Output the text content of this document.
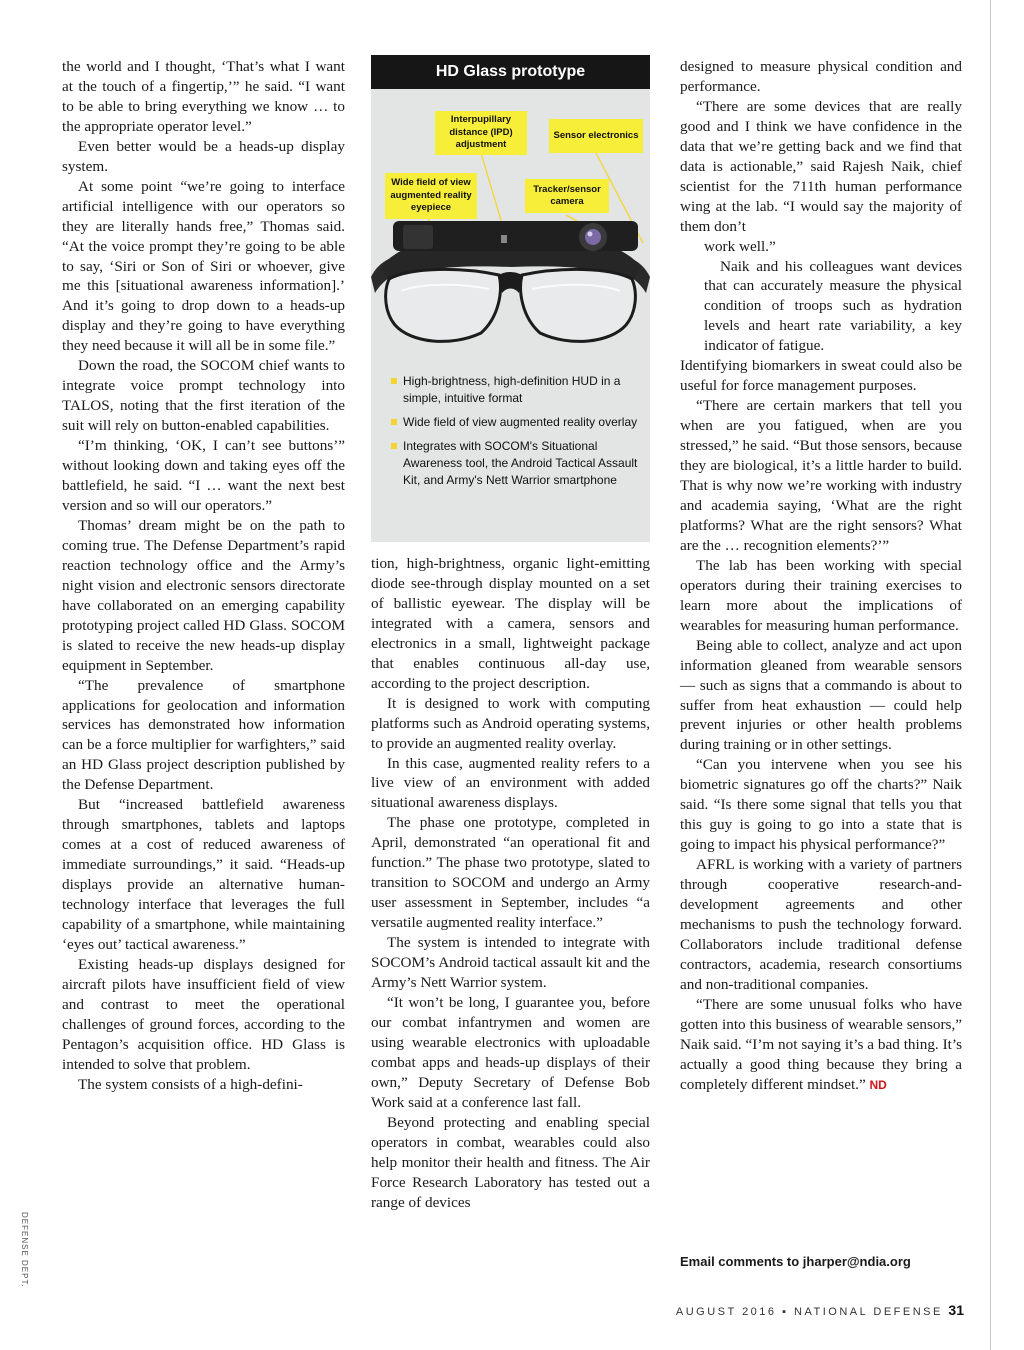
the world and I thought, ‘That’s what I want at the touch of a fingertip,’” he said. “I want to be able to bring everything we know … to the appropriate operator level.”

Even better would be a heads-up display system.

At some point “we’re going to interface artificial intelligence with our operators so they are literally hands free,” Thomas said. “At the voice prompt they’re going to be able to say, ‘Siri or Son of Siri or whoever, give me this [situational awareness information].’ And it’s going to drop down to a heads-up display and they’re going to have everything they need because it will all be in some file.”

Down the road, the SOCOM chief wants to integrate voice prompt technology into TALOS, noting that the first iteration of the suit will rely on button-enabled capabilities.

“I’m thinking, ‘OK, I can’t see buttons’” without looking down and taking eyes off the battlefield, he said. “I … want the next best version and so will our operators.”

Thomas’ dream might be on the path to coming true. The Defense Department’s rapid reaction technology office and the Army’s night vision and electronic sensors directorate have collaborated on an emerging capability prototyping project called HD Glass. SOCOM is slated to receive the new heads-up display equipment in September.

“The prevalence of smartphone applications for geolocation and information services has demonstrated how information can be a force multiplier for warfighters,” said an HD Glass project description published by the Defense Department.

But “increased battlefield awareness through smartphones, tablets and laptops comes at a cost of reduced awareness of immediate surroundings,” it said. “Heads-up displays provide an alternative human-technology interface that leverages the full capability of a smartphone, while maintaining ‘eyes out’ tactical awareness.”

Existing heads-up displays designed for aircraft pilots have insufficient field of view and contrast to meet the operational challenges of ground forces, according to the Pentagon’s acquisition office. HD Glass is intended to solve that problem.

The system consists of a high-defini-

HD Glass prototype
Interpupillary distance (IPD) adjustment
Sensor electronics
Wide field of view augmented reality eyepiece
Tracker/sensor camera
High-brightness, high-definition HUD in a simple, intuitive format
Wide field of view augmented reality overlay
Integrates with SOCOM's Situational Awareness tool, the Android Tactical Assault Kit, and Army's Nett Warrior smartphone

tion, high-brightness, organic light-emitting diode see-through display mounted on a set of ballistic eyewear. The display will be integrated with a camera, sensors and electronics in a small, lightweight package that enables continuous all-day use, according to the project description.

It is designed to work with computing platforms such as Android operating systems, to provide an augmented reality overlay.

In this case, augmented reality refers to a live view of an environment with added situational awareness displays.

The phase one prototype, completed in April, demonstrated “an operational fit and function.” The phase two prototype, slated to transition to SOCOM and undergo an Army user assessment in September, includes “a versatile augmented reality interface.”

The system is intended to integrate with SOCOM’s Android tactical assault kit and the Army’s Nett Warrior system.

“It won’t be long, I guarantee you, before our combat infantrymen and women are using wearable electronics with uploadable combat apps and heads-up displays of their own,” Deputy Secretary of Defense Bob Work said at a conference last fall.

Beyond protecting and enabling special operators in combat, wearables could also help monitor their health and fitness. The Air Force Research Laboratory has tested out a range of devices

designed to measure physical condition and performance.

“There are some devices that are really good and I think we have confidence in the data that we’re getting back and we find that data is actionable,” said Rajesh Naik, chief scientist for the 711th human performance wing at the lab. “I would say the majority of them don’t

work well.”

Naik and his colleagues want devices that can accurately measure the physical condition of troops such as hydration levels and heart rate variability, a key indicator of fatigue.

Identifying biomarkers in sweat could also be useful for force management purposes.

“There are certain markers that tell you when are you fatigued, when are you stressed,” he said. “But those sensors, because they are biological, it’s a little harder to build. That is why now we’re working with industry and academia saying, ‘What are the right platforms? What are the right sensors? What are the … recognition elements?’”

The lab has been working with special operators during their training exercises to learn more about the implications of wearables for measuring human performance.

Being able to collect, analyze and act upon information gleaned from wearable sensors — such as signs that a commando is about to suffer from heat exhaustion — could help prevent injuries or other health problems during training or in other settings.

“Can you intervene when you see his biometric signatures go off the charts?” Naik said. “Is there some signal that tells you that this guy is going to go into a state that is going to impact his physical performance?”

AFRL is working with a variety of partners through cooperative research-and-development agreements and other mechanisms to push the technology forward. Collaborators include traditional defense contractors, academia, research consortiums and non-traditional companies.

“There are some unusual folks who have gotten into this business of wearable sensors,” Naik said. “I’m not saying it’s a bad thing. It’s actually a good thing because they bring a completely different mindset.” ND

Email comments to jharper@ndia.org
AUGUST 2016 ▪ NATIONAL DEFENSE 31
DEFENSE DEPT.
